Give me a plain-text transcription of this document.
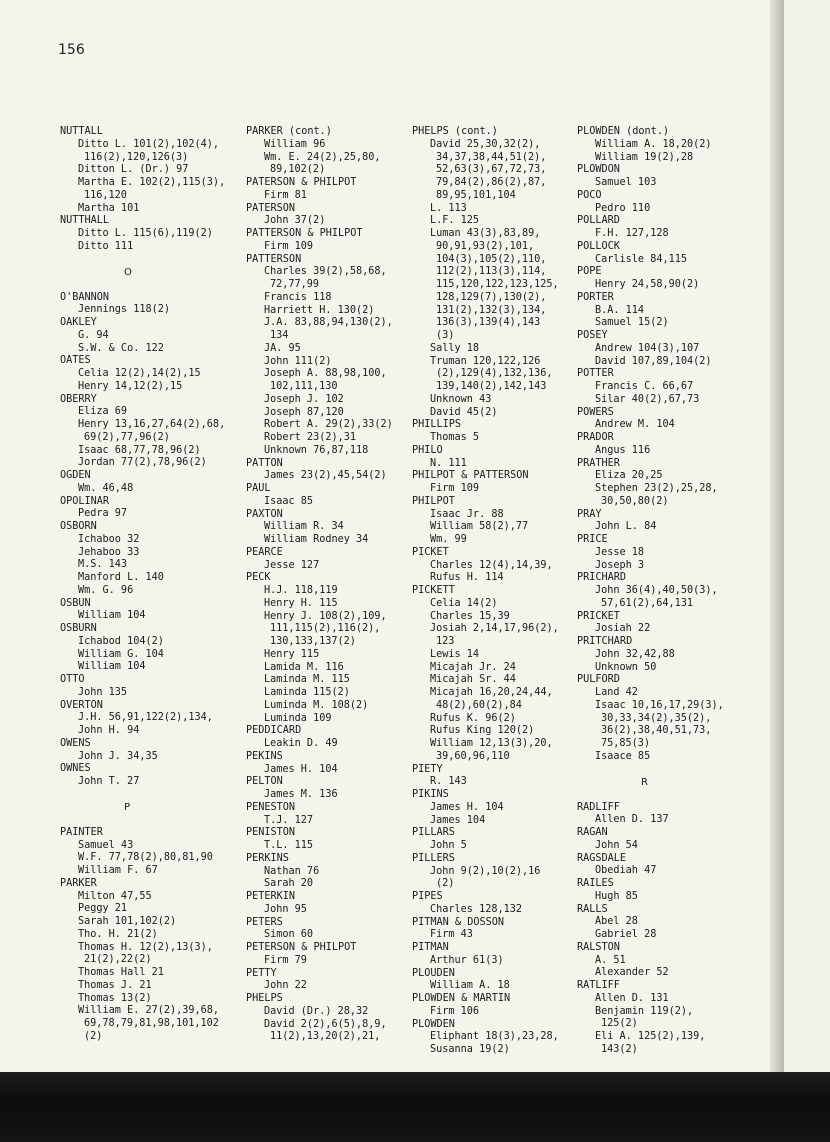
156
NUTTALL
Ditto L. 101(2),102(4),
116(2),120,126(3)
Ditton L. (Dr.) 97
Martha E. 102(2),115(3),
116,120
Martha 101
NUTTHALL
Ditto L. 115(6),119(2)
Ditto 111
O
O'BANNON
Jennings 118(2)
OAKLEY
G. 94
S.W. & Co. 122
OATES
Celia 12(2),14(2),15
Henry 14,12(2),15
OBERRY
Eliza 69
Henry 13,16,27,64(2),68,
69(2),77,96(2)
Isaac 68,77,78,96(2)
Jordan 77(2),78,96(2)
OGDEN
Wm. 46,48
OPOLINAR
Pedra 97
OSBORN
Ichaboo 32
Jehaboo 33
M.S. 143
Manford L. 140
Wm. G. 96
OSBUN
William 104
OSBURN
Ichabod 104(2)
William G. 104
William 104
OTTO
John 135
OVERTON
J.H. 56,91,122(2),134,
John H. 94
OWENS
John J. 34,35
OWNES
John T. 27
P
PAINTER
Samuel 43
W.F. 77,78(2),80,81,90
William F. 67
PARKER
Milton 47,55
Peggy 21
Sarah 101,102(2)
Tho. H. 21(2)
Thomas H. 12(2),13(3),
21(2),22(2)
Thomas Hall 21
Thomas J. 21
Thomas 13(2)
William E. 27(2),39,68,
69,78,79,81,98,101,102
(2)
PARKER (cont.)
William 96
Wm. E. 24(2),25,80,
89,102(2)
PATERSON & PHILPOT
Firm 81
PATERSON
John 37(2)
PATTERSON & PHILPOT
Firm 109
PATTERSON
Charles 39(2),58,68,
72,77,99
Francis 118
Harriett H. 130(2)
J.A. 83,88,94,130(2),
134
JA. 95
John 111(2)
Joseph A. 88,98,100,
102,111,130
Joseph J. 102
Joseph 87,120
Robert A. 29(2),33(2)
Robert 23(2),31
Unknown 76,87,118
PATTON
James 23(2),45,54(2)
PAUL
Isaac 85
PAXTON
William R. 34
William Rodney 34
PEARCE
Jesse 127
PECK
H.J. 118,119
Henry H. 115
Henry J. 108(2),109,
111,115(2),116(2),
130,133,137(2)
Henry 115
Lamida M. 116
Laminda M. 115
Laminda 115(2)
Luminda M. 108(2)
Luminda 109
PEDDICARD
Leakin D. 49
PEKINS
James H. 104
PELTON
James M. 136
PENESTON
T.J. 127
PENISTON
T.L. 115
PERKINS
Nathan 76
Sarah 20
PETERKIN
John 95
PETERS
Simon 60
PETERSON & PHILPOT
Firm 79
PETTY
John 22
PHELPS
David (Dr.) 28,32
David 2(2),6(5),8,9,
11(2),13,20(2),21,
PHELPS (cont.)
David 25,30,32(2),
34,37,38,44,51(2),
52,63(3),67,72,73,
79,84(2),86(2),87,
89,95,101,104
L. 113
L.F. 125
Luman 43(3),83,89,
90,91,93(2),101,
104(3),105(2),110,
112(2),113(3),114,
115,120,122,123,125,
128,129(7),130(2),
131(2),132(3),134,
136(3),139(4),143
(3)
Sally 18
Truman 120,122,126
(2),129(4),132,136,
139,140(2),142,143
Unknown 43
David 45(2)
PHILLIPS
Thomas 5
PHILO
N. 111
PHILPOT & PATTERSON
Firm 109
PHILPOT
Isaac Jr. 88
William 58(2),77
Wm. 99
PICKET
Charles 12(4),14,39,
Rufus H. 114
PICKETT
Celia 14(2)
Charles 15,39
Josiah 2,14,17,96(2),
123
Lewis 14
Micajah Jr. 24
Micajah Sr. 44
Micajah 16,20,24,44,
48(2),60(2),84
Rufus K. 96(2)
Rufus King 120(2)
William 12,13(3),20,
39,60,96,110
PIETY
R. 143
PIKINS
James H. 104
James 104
PILLARS
John 5
PILLERS
John 9(2),10(2),16
(2)
PIPES
Charles 128,132
PITMAN & DOSSON
Firm 43
PITMAN
Arthur 61(3)
PLOUDEN
William A. 18
PLOWDEN & MARTIN
Firm 106
PLOWDEN
Eliphant 18(3),23,28,
Susanna 19(2)
PLOWDEN (dont.)
William A. 18,20(2)
William 19(2),28
PLOWDON
Samuel 103
POCO
Pedro 110
POLLARD
F.H. 127,128
POLLOCK
Carlisle 84,115
POPE
Henry 24,58,90(2)
PORTER
B.A. 114
Samuel 15(2)
POSEY
Andrew 104(3),107
David 107,89,104(2)
POTTER
Francis C. 66,67
Silar 40(2),67,73
POWERS
Andrew M. 104
PRADOR
Angus 116
PRATHER
Eliza 20,25
Stephen 23(2),25,28,
30,50,80(2)
PRAY
John L. 84
PRICE
Jesse 18
Joseph 3
PRICHARD
John 36(4),40,50(3),
57,61(2),64,131
PRICKET
Josiah 22
PRITCHARD
John 32,42,88
Unknown 50
PULFORD
Land 42
Isaac 10,16,17,29(3),
30,33,34(2),35(2),
36(2),38,40,51,73,
75,85(3)
Isaace 85
R
RADLIFF
Allen D. 137
RAGAN
John 54
RAGSDALE
Obediah 47
RAILES
Hugh 85
RALLS
Abel 28
Gabriel 28
RALSTON
A. 51
Alexander 52
RATLIFF
Allen D. 131
Benjamin 119(2),
125(2)
Eli A. 125(2),139,
143(2)
